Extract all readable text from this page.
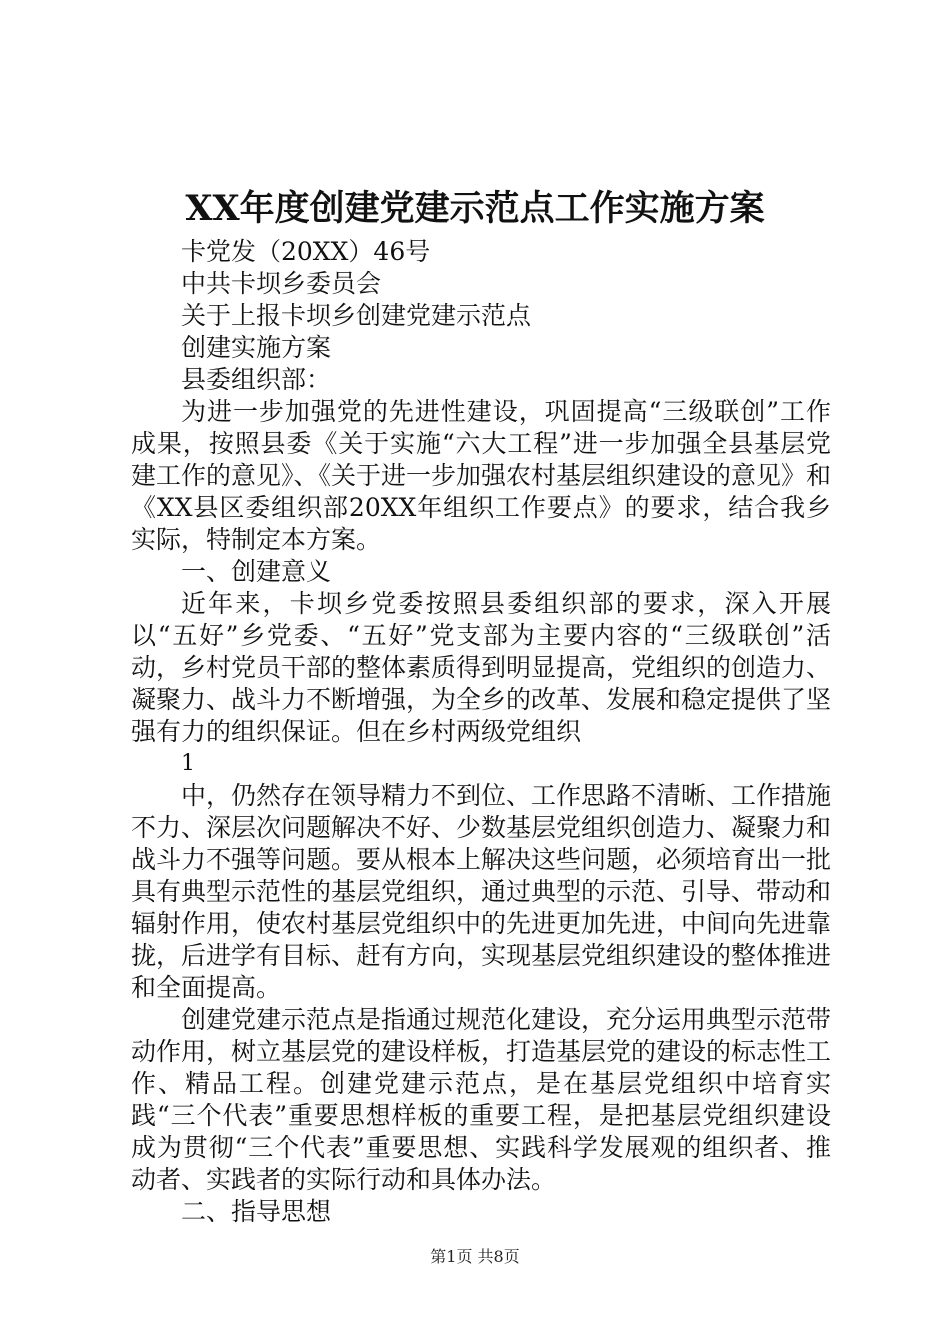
XX年度创建党建示范点工作实施方案
卡党发（20XX）46号
中共卡坝乡委员会
关于上报卡坝乡创建党建示范点
创建实施方案
县委组织部：
为进一步加强党的先进性建设，巩固提高“三级联创”工作成果，按照县委《关于实施“六大工程”进一步加强全县基层党建工作的意见》、《关于进一步加强农村基层组织建设的意见》和《XX县区委组织部20XX年组织工作要点》的要求，结合我乡实际，特制定本方案。
一、创建意义
近年来，卡坝乡党委按照县委组织部的要求，深入开展以“五好”乡党委、“五好”党支部为主要内容的“三级联创”活动，乡村党员干部的整体素质得到明显提高，党组织的创造力、凝聚力、战斗力不断增强，为全乡的改革、发展和稳定提供了坚强有力的组织保证。但在乡村两级党组织
1
中，仍然存在领导精力不到位、工作思路不清晰、工作措施不力、深层次问题解决不好、少数基层党组织创造力、凝聚力和战斗力不强等问题。要从根本上解决这些问题，必须培育出一批具有典型示范性的基层党组织，通过典型的示范、引导、带动和辐射作用，使农村基层党组织中的先进更加先进，中间向先进靠拢，后进学有目标、赶有方向，实现基层党组织建设的整体推进和全面提高。
创建党建示范点是指通过规范化建设，充分运用典型示范带动作用，树立基层党的建设样板，打造基层党的建设的标志性工作、精品工程。创建党建示范点，是在基层党组织中培育实践“三个代表”重要思想样板的重要工程，是把基层党组织建设成为贯彻“三个代表”重要思想、实践科学发展观的组织者、推动者、实践者的实际行动和具体办法。
二、指导思想
第1页 共8页
